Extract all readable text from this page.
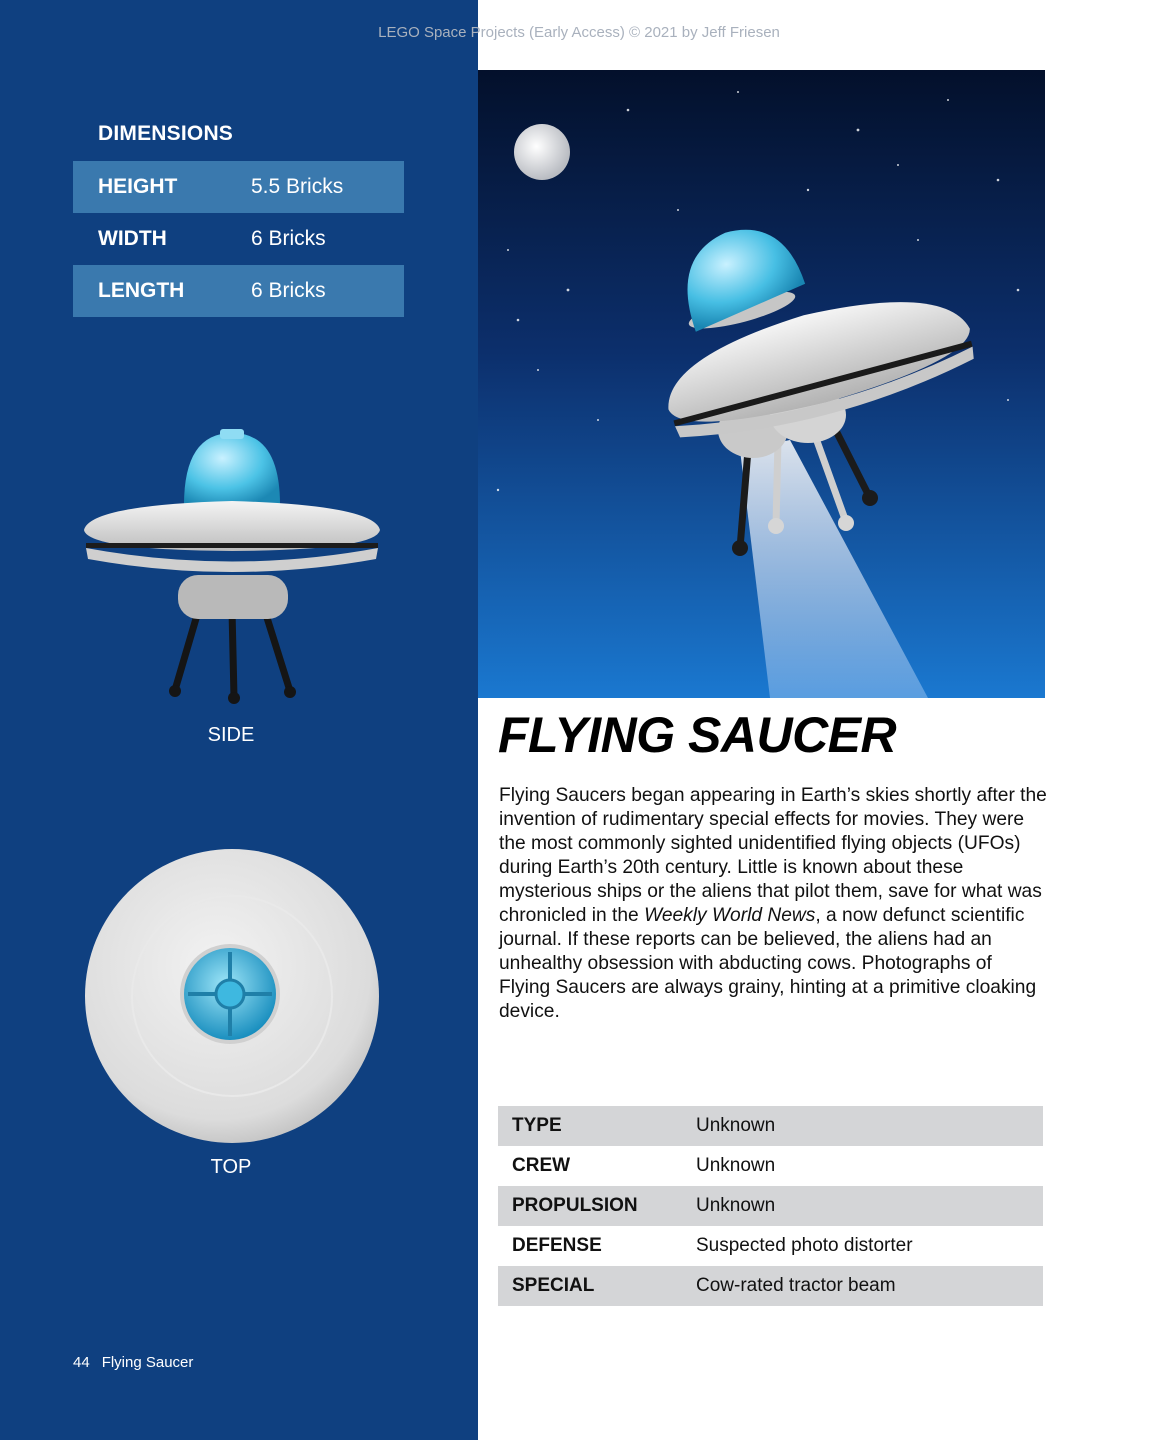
LEGO Space Projects (Early Access) © 2021 by Jeff Friesen
DIMENSIONS
HEIGHT	5.5 Bricks
WIDTH	6 Bricks
LENGTH	6 Bricks
SIDE
TOP
44 Flying Saucer
FLYING SAUCER
Flying Saucers began appearing in Earth’s skies shortly after the invention of rudimentary special effects for movies. They were the most commonly sighted unidentified flying objects (UFOs) during Earth’s 20th century. Little is known about these mysterious ships or the aliens that pilot them, save for what was chronicled in the Weekly World News, a now defunct scientific journal. If these reports can be believed, the aliens had an unhealthy obsession with abducting cows. Photographs of Flying Saucers are always grainy, hinting at a primitive cloaking device.
TYPE	Unknown
CREW	Unknown
PROPULSION	Unknown
DEFENSE	Suspected photo distorter
SPECIAL	Cow-rated tractor beam
